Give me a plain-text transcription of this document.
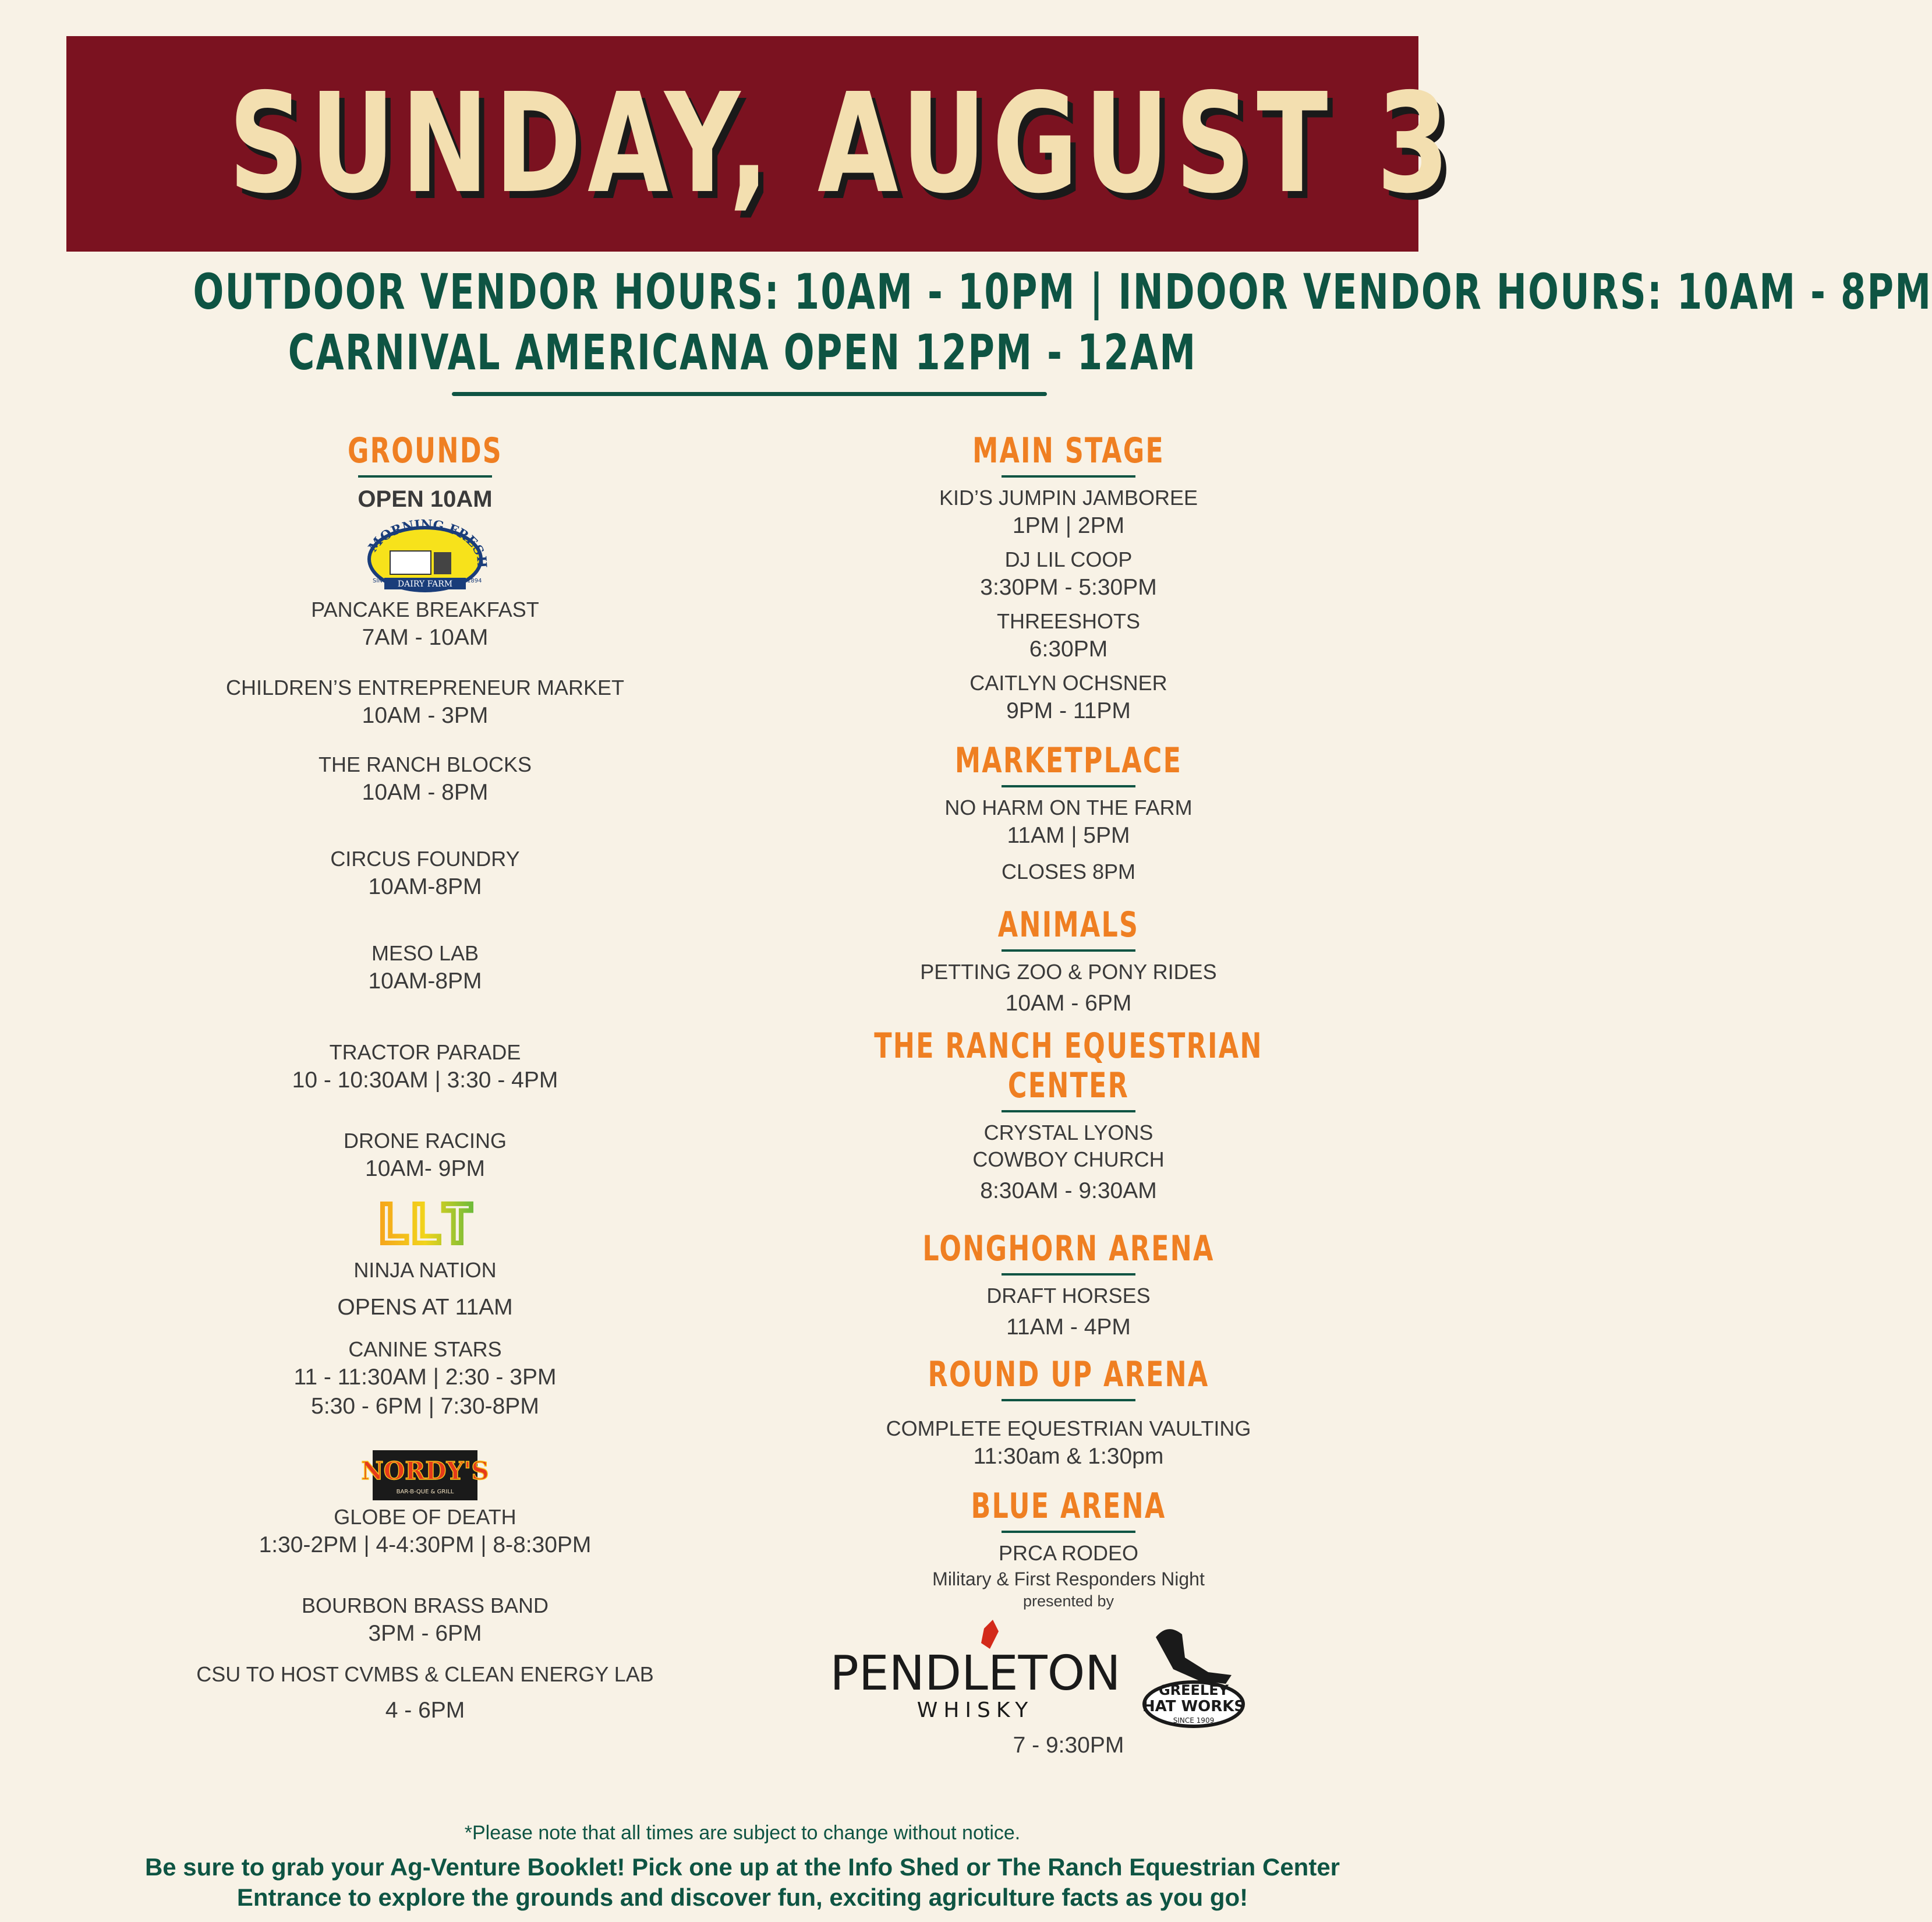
SUNDAY, AUGUST 3
OUTDOOR VENDOR HOURS: 10AM - 10PM | INDOOR VENDOR HOURS: 10AM - 8PM
CARNIVAL AMERICANA OPEN 12PM - 12AM
GROUNDS
OPEN 10AM
MORNING FRESH
DAIRY FARM
SINCE	1894
PANCAKE BREAKFAST
7AM - 10AM
CHILDREN’S ENTREPRENEUR MARKET
10AM - 3PM
THE RANCH BLOCKS
10AM - 8PM
CIRCUS FOUNDRY
10AM-8PM
MESO LAB
10AM-8PM
TRACTOR PARADE
10 - 10:30AM | 3:30 - 4PM
DRONE RACING
10AM- 9PM
LLT
NINJA NATION
OPENS AT 11AM
CANINE STARS
11 - 11:30AM | 2:30 - 3PM
5:30 - 6PM | 7:30-8PM
NORDY'S
BAR-B-QUE & GRILL
GLOBE OF DEATH
1:30-2PM | 4-4:30PM | 8-8:30PM
BOURBON BRASS BAND
3PM - 6PM
CSU TO HOST CVMBS & CLEAN ENERGY LAB
4 - 6PM
MAIN STAGE
KID’S JUMPIN JAMBOREE
1PM | 2PM
DJ LIL COOP
3:30PM - 5:30PM
THREESHOTS
6:30PM
CAITLYN OCHSNER
9PM - 11PM
MARKETPLACE
NO HARM ON THE FARM
11AM | 5PM
CLOSES 8PM
ANIMALS
PETTING ZOO & PONY RIDES
10AM - 6PM
THE RANCH EQUESTRIAN
CENTER
CRYSTAL LYONS
COWBOY CHURCH
8:30AM - 9:30AM
LONGHORN ARENA
DRAFT HORSES
11AM - 4PM
ROUND UP ARENA
COMPLETE EQUESTRIAN VAULTING
11:30am & 1:30pm
BLUE ARENA
PRCA RODEO
Military & First Responders Night
presented by
PENDLETON
WHISKY
GREELEY
HAT WORKS
SINCE 1909
7 - 9:30PM
*Please note that all times are subject to change without notice.
Be sure to grab your Ag-Venture Booklet! Pick one up at the Info Shed or The Ranch Equestrian Center
Entrance to explore the grounds and discover fun, exciting agriculture facts as you go!
